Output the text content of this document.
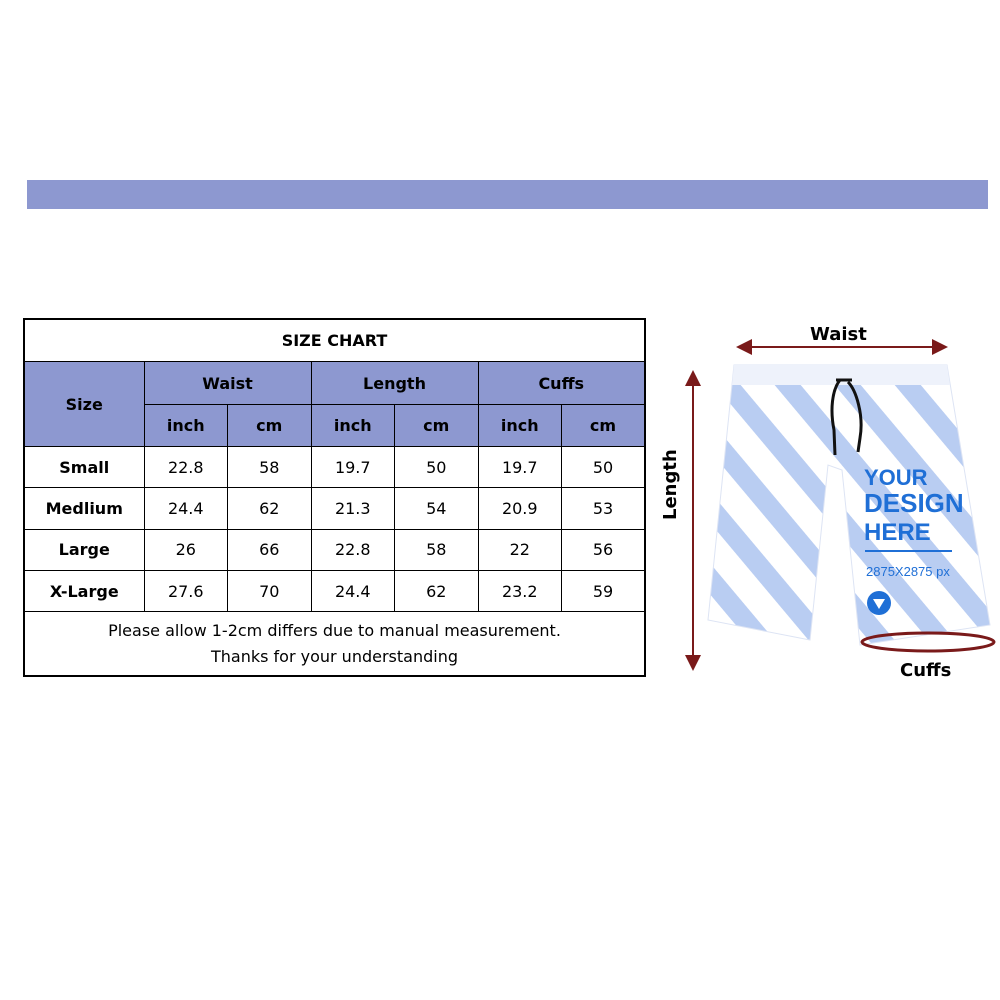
SIZE CHART						
Size	Waist		Length		Cuffs	
	inch	cm	inch	cm	inch	cm
Small	22.8	58	19.7	50	19.7	50
Medlium	24.4	62	21.3	54	20.9	53
Large	26	66	22.8	58	22	56
X-Large	27.6	70	24.4	62	23.2	59

Please allow 1-2cm differs due to manual measurement.
Thanks for your understanding						
YOUR
DESIGN
HERE
2875X2875 px
Waist
Length
Cuffs
